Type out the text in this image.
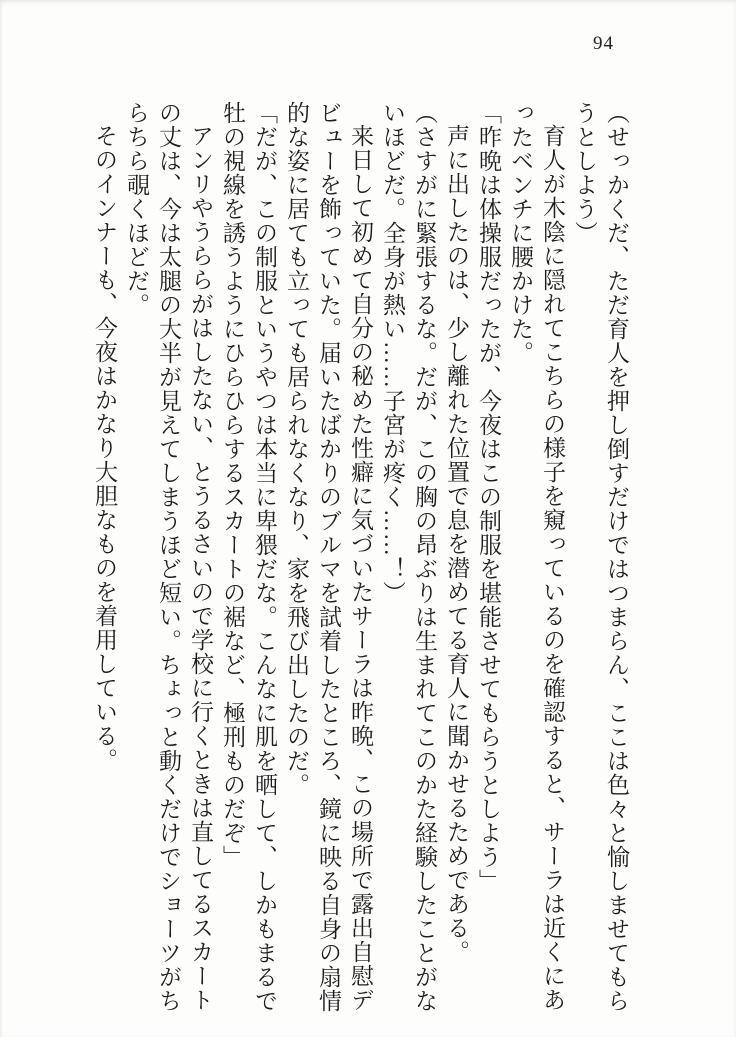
94

（せっかくだ、ただ育人を押し倒すだけではつまらん、ここは色々と愉しませてもらうとしよう）

育人が木陰に隠れてこちらの様子を窺っているのを確認すると、サーラは近くにあったベンチに腰かけた。

「昨晩は体操服だったが、今夜はこの制服を堪能させてもらうとしよう」

声に出したのは、少し離れた位置で息を潜めてる育人に聞かせるためである。

（さすがに緊張するな。だが、この胸の昂ぶりは生まれてこのかた経験したことがないほどだ。全身が熱い……子宮が疼く……！）

来日して初めて自分の秘めた性癖に気づいたサーラは昨晩、この場所で露出自慰デビューを飾っていた。届いたばかりのブルマを試着したところ、鏡に映る自身の扇情的な姿に居ても立っても居られなくなり、家を飛び出したのだ。

「だが、この制服というやつは本当に卑猥だな。こんなに肌を晒して、しかもまるで牡の視線を誘うようにひらひらするスカートの裾など、極刑ものだぞ」

アンリやうららがはしたない、とうるさいので学校に行くときは直してるスカートの丈は、今は太腿の大半が見えてしまうほど短い。ちょっと動くだけでショーツがちらちら覗くほどだ。

そのインナーも、今夜はかなり大胆なものを着用している。
